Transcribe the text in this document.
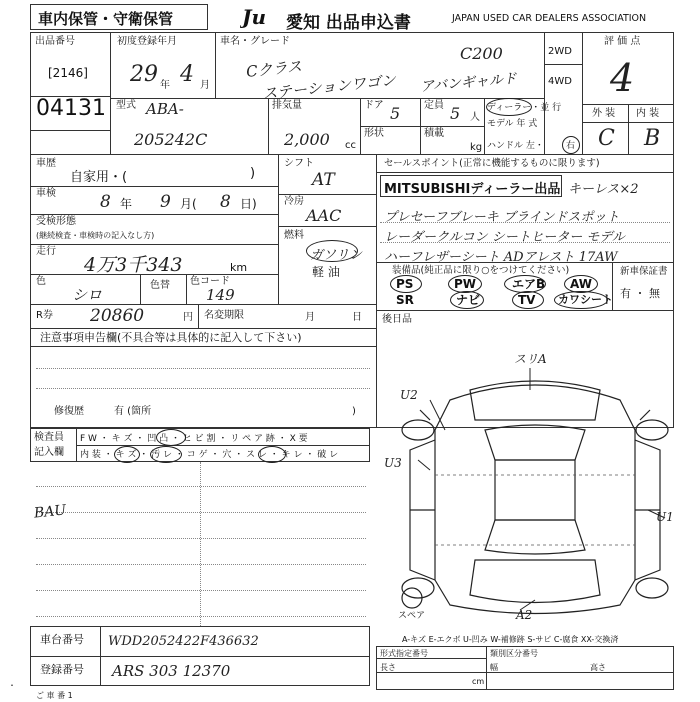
車内保管・守衛保管	Ju 愛知 出品申込書	JAPAN USED CAR DEALERS ASSOCIATION
出品番号
[2146]
04131
初度登録年月
29 年 4 月
車名・グレード
Cクラス
ステーションワゴン
C200
アバンギャルド
2WD
4WD
評 価 点
4
外 装 内 装
C B
型式 ABA-
205242C
排気量
2,000 cc
ドア 5 定員 5 人
形状	積載
kg
ディーラー・並 行
モデル 年 式
ハンドル 左・ 右
車歴
自家用・(	)
シフト
AT
車検	8 年 9 月( 8 日)	冷房
AAC
受検形態
(継続検査・車検時の記入なし方)	燃料
ガソリン
軽 油
走行
4万3千343	km
色
シロ
色替 色コード
149
R券 20860	円 名変期限	月	日
注意事項申告欄(不具合等は具体的に記入して下さい)
修復歴	有 (箇所	)
セールスポイント(正常に機能するものに限ります)
MITSUBISHIディーラー出品 キーレス×2
プレセーフブレーキ ブラインドスポット
レーダークルコン シートヒーター モデル
ハーフレザーシート ADアレスト 17AW
装備品(純正品に限り○をつけてください)
PS	PW	エアB AW
SR	ナビ	TV カワシート
新車保証書
有 ・ 無
後日品
検査員
記入欄
F W ・ キ ズ ・ 凹 凸 ・ ヒ ビ 割 ・ リ ペ ア 跡 ・ X 要
内 装 ・ キ ズ ・ 汚 レ ・ コ ゲ ・ 穴 ・ ス レ ・ キ レ ・ 破 レ
BAU
スリA
U2
U3
U1
A2
スペア
A-キズ E-エクボ U-凹み W-補修跡 S-サビ C-腐食 XX-交換済
車台番号 WDD2052422F436632
登録番号 ARS 303 12370
形式指定番号	類別区分番号
長さ	幅	高さ
cm
ご 車 番 1
・
